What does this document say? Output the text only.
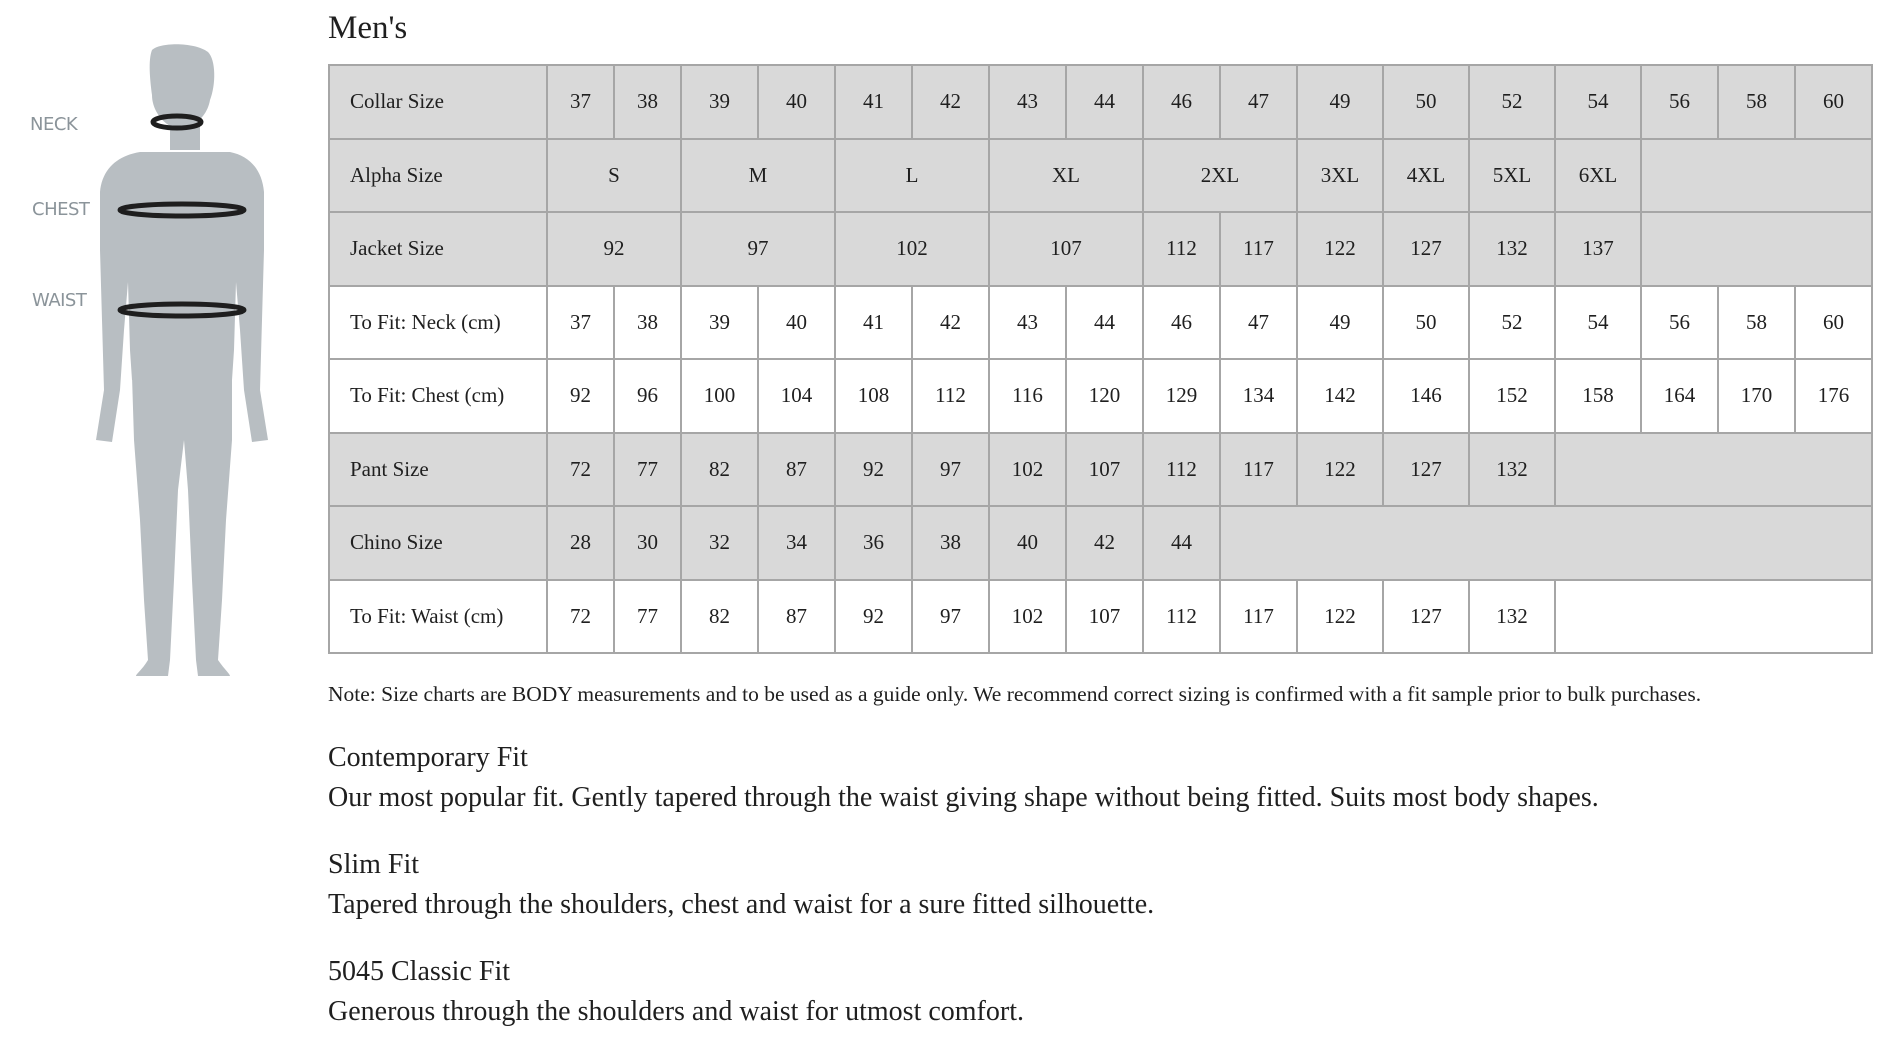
NECK
CHEST
WAIST
Men's
Collar Size	37	38	39	40	41	42	43	44	46	47	49	50	52	54	56	58	60
Alpha Size	S		M		L		XL		2XL		3XL	4XL	5XL	6XL			
Jacket Size	92		97		102		107		112	117	122	127	132	137			
To Fit: Neck (cm)	37	38	39	40	41	42	43	44	46	47	49	50	52	54	56	58	60
To Fit: Chest (cm)	92	96	100	104	108	112	116	120	129	134	142	146	152	158	164	170	176
Pant Size	72	77	82	87	92	97	102	107	112	117	122	127	132				
Chino Size	28	30	32	34	36	38	40	42	44								
To Fit: Waist (cm)	72	77	82	87	92	97	102	107	112	117	122	127	132				

Note: Size charts are BODY measurements and to be used as a guide only. We recommend correct sizing is confirmed with a fit sample prior to bulk purchases.

Contemporary Fit

Our most popular fit. Gently tapered through the waist giving shape without being fitted. Suits most body shapes.

Slim Fit

Tapered through the shoulders, chest and waist for a sure fitted silhouette.

5045 Classic Fit

Generous through the shoulders and waist for utmost comfort.
